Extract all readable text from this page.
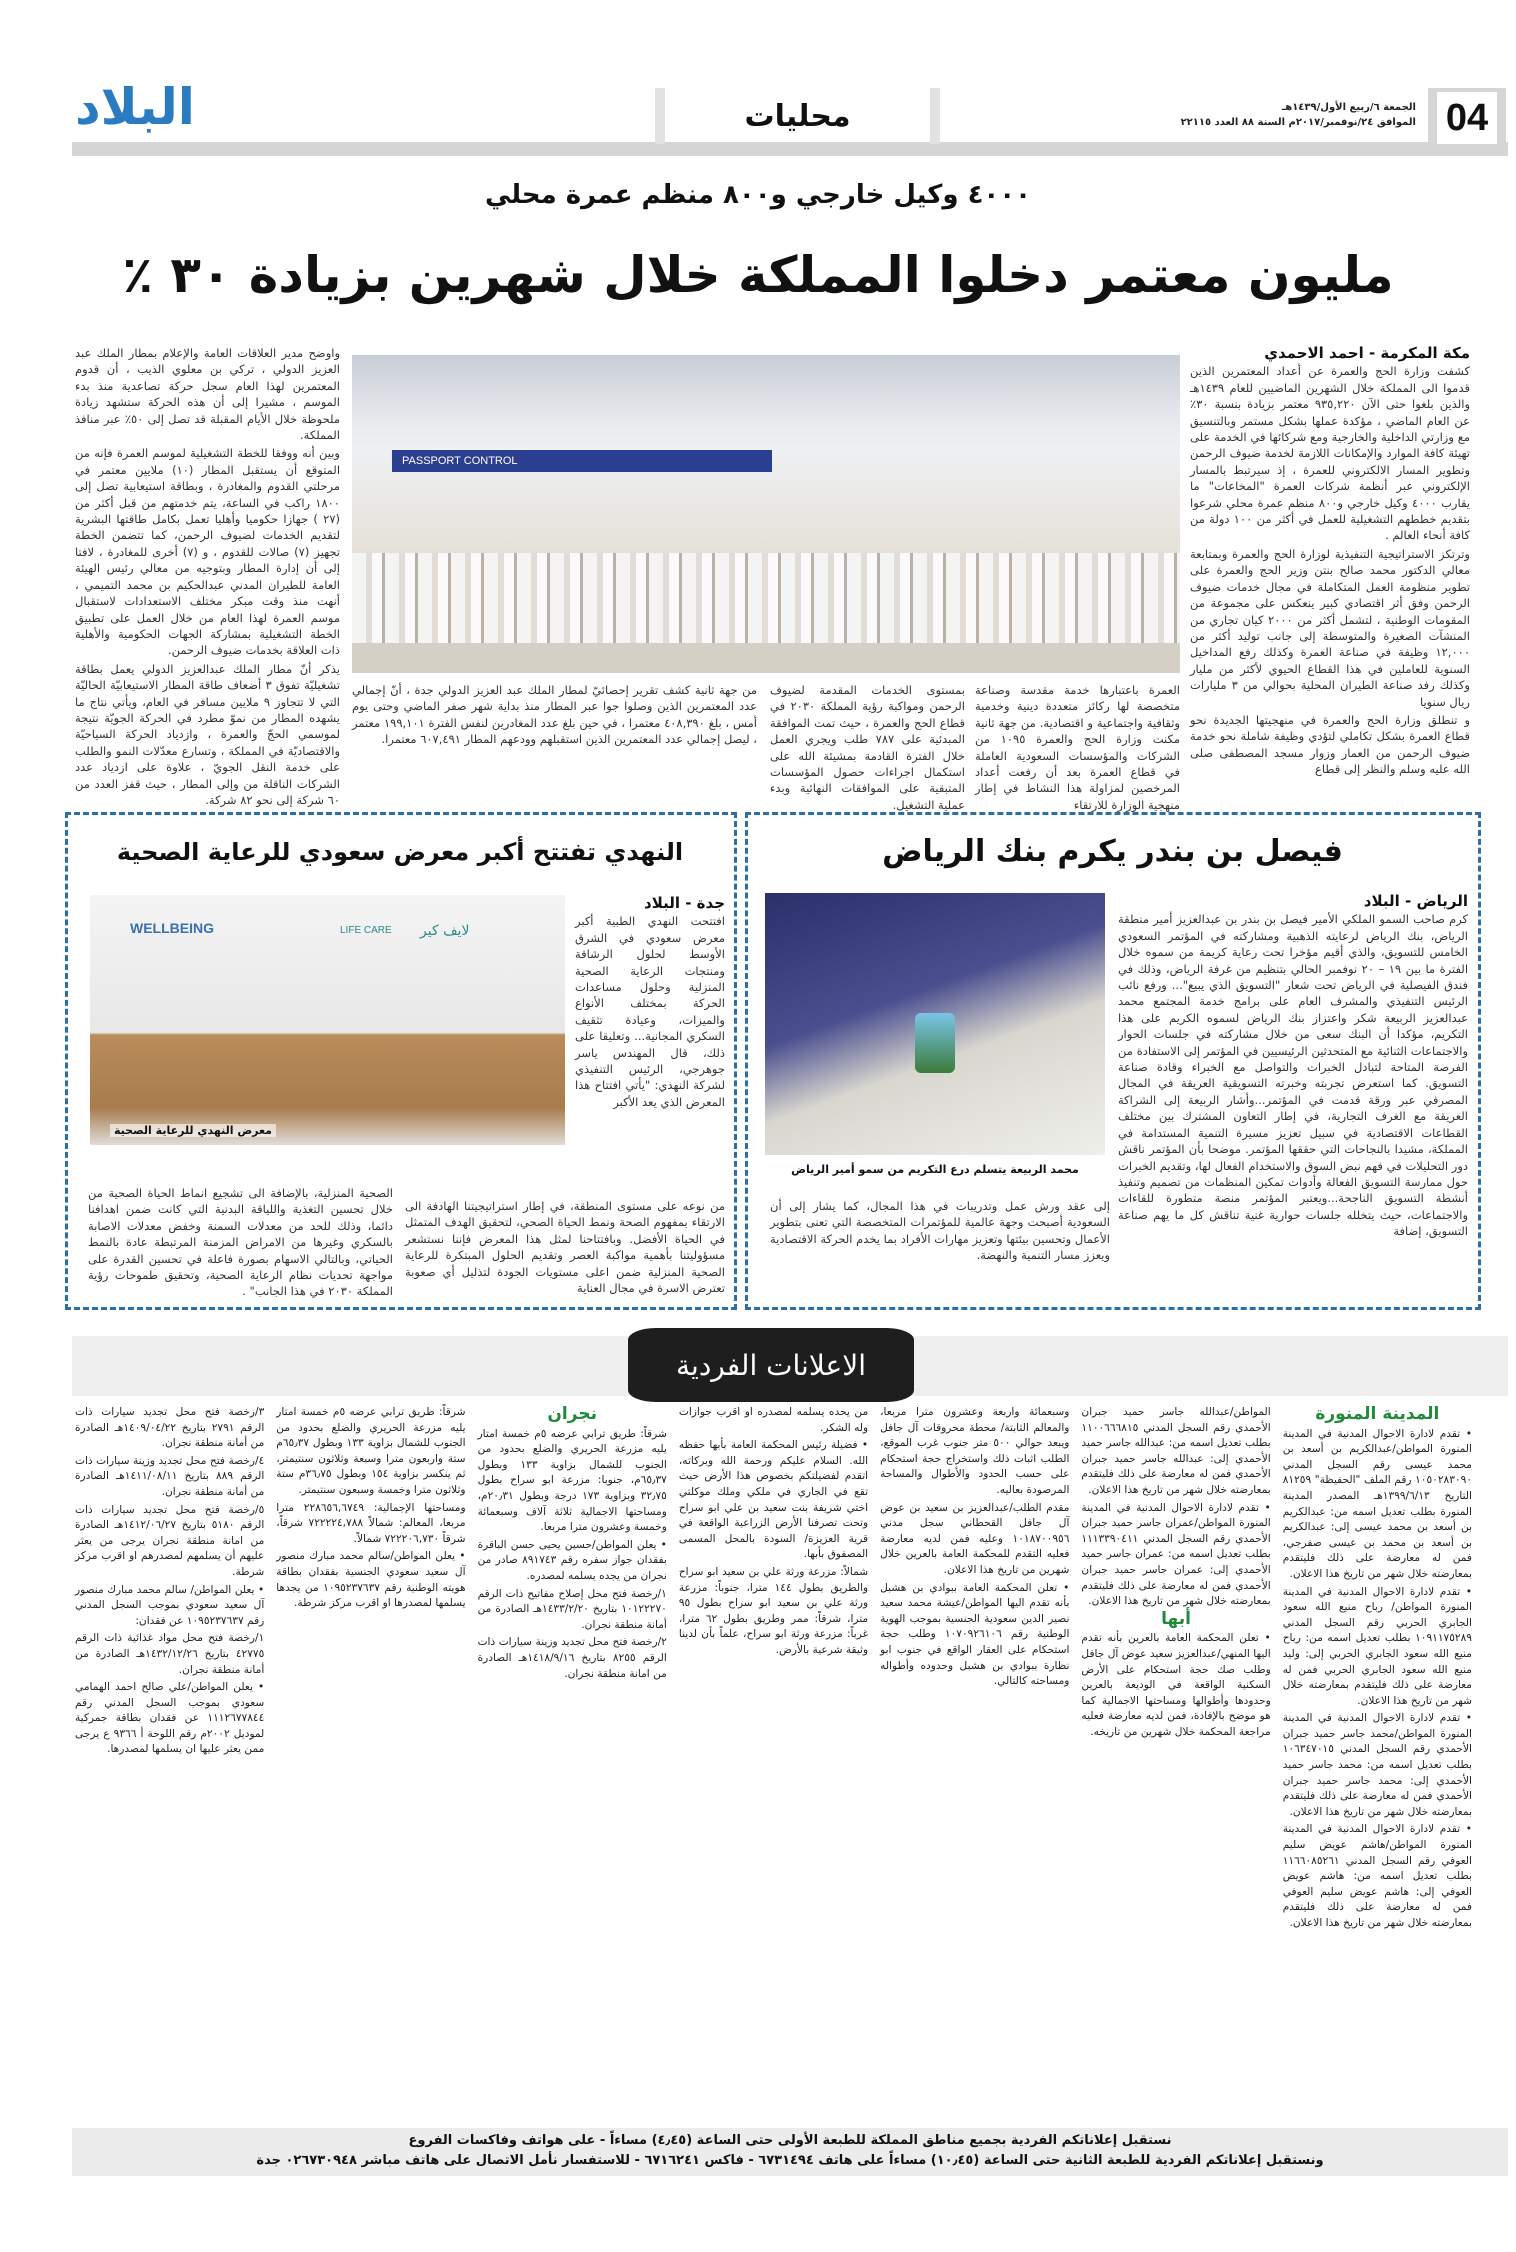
04
الجمعة ٦/ربيع الأول/١٤٣٩هـ
الموافق ٢٤/نوفمبر/٢٠١٧م السنة ٨٨ العدد ٢٢١١٥
محليات
البلاد
٤٠٠٠ وكيل خارجي و٨٠٠ منظم عمرة محلي
مليون معتمر دخلوا المملكة خلال شهرين بزيادة ٣٠ ٪
مكة المكرمة - احمد الاحمدي

كشفت وزارة الحج والعمرة عن أعداد المعتمرين الذين قدموا الى المملكة خلال الشهرين الماضيين للعام ١٤٣٩هـ والذين بلغوا حتى الآن ٩٣٥,٢٢٠ معتمر بزيادة بنسبة ٣٠٪ عن العام الماضي ، مؤكدة عملها بشكل مستمر وبالتنسيق مع وزارتي الداخلية والخارجية ومع شركائها في الخدمة على تهيئة كافة الموارد والإمكانات اللازمة لخدمة ضيوف الرحمن وتطوير المسار الالكتروني للعمرة ، إذ سيرتبط بالمسار الإلكتروني عبر أنظمة شركات العمرة "المخاعات" ما يقارب ٤٠٠٠ وكيل خارجي و٨٠٠ منظم عمرة محلي شرعوا بتقديم خططهم التشغيلية للعمل في أكثر من ١٠٠ دولة من كافة أنحاء العالم .

وترتكز الاستراتيجية التنفيذية لوزارة الحج والعمرة وبمتابعة معالي الدكتور محمد صالح بنتن وزير الحج والعمرة على تطوير منظومة العمل المتكاملة في مجال خدمات ضيوف الرحمن وفق أثر اقتصادي كبير ينعكس على مجموعة من المقومات الوطنية ، لتشمل أكثر من ٢٠٠٠ كيان تجاري من المنشآت الصغيرة والمتوسطة إلى جانب توليد أكثر من ١٢,٠٠٠ وظيفة في صناعة العمرة وكذلك رفع المداخيل السنوية للعاملين في هذا القطاع الحيوي لأكثر من مليار وكذلك رفد صناعة الطيران المحلية بحوالي من ٣ مليارات ريال سنويا

و تنطلق وزارة الحج والعمرة في منهجيتها الجديدة نحو قطاع العمرة بشكل تكاملي لتؤدي وظيفة شاملة نحو خدمة ضيوف الرحمن من العمار وزوار مسجد المصطفى صلى الله عليه وسلم والنظر إلى قطاع

PASSPORT CONTROL
العمرة باعتبارها خدمة مقدسة وصناعة متخصصة لها ركائز متعددة دينية وخدمية وثقافية واجتماعية و اقتصادية. من جهة ثانية مكنت وزارة الحج والعمرة ١٠٩٥ من الشركات والمؤسسات السعودية العاملة في قطاع العمرة بعد أن رفعت أعداد المرخصين لمزاولة هذا النشاط في إطار منهجية الوزارة للارتقاء
بمستوى الخدمات المقدمة لضيوف الرحمن ومواكبة رؤية المملكة ٢٠٣٠ في قطاع الحج والعمرة ، حيث تمت الموافقة المبدئية على ٧٨٧ طلب ويجري العمل خلال الفترة القادمة بمشيئة الله على استكمال اجراءات حصول المؤسسات المتبقية على الموافقات النهائية وبدء عملية التشغيل.
من جهة ثانية كشف تقرير إحصائيّ لمطار الملك عبد العزيز الدولي جدة ، أنّ إجمالي عدد المعتمرين الذين وصلوا جوا عبر المطار منذ بداية شهر صفر الماضي وحتى يوم أمس ، بلغ ٤٠٨,٣٩٠ معتمرا ، في حين بلغ عدد المغادرين لنفس الفترة ١٩٩,١٠١ معتمر ، ليصل إجمالي عدد المعتمرين الذين استقبلهم وودعهم المطار ٦٠٧,٤٩١ معتمرا.

واوضح مدير العلاقات العامة والإعلام بمطار الملك عبد العزيز الدولي ، تركي بن معلوي الذيب ، أن قدوم المعتمرين لهذا العام سجل حركة تصاعدية منذ بدء الموسم ، مشيرا إلى أن هذه الحركة ستشهد زيادة ملحوظة خلال الأيام المقبلة قد تصل إلى ٥٠٪ عبر منافذ المملكة.

وبين أنه ووفقا للخطة التشغيلية لموسم العمرة فإنه من المتوقع أن يستقبل المطار (١٠) ملايين معتمر في مرحلتي القدوم والمغادرة ، وبطاقة استيعابية تصل إلى ١٨٠٠ راكب في الساعة، يتم خدمتهم من قبل أكثر من (٢٧ ) جهازا حكوميا وأهليا تعمل بكامل طاقتها البشرية لتقديم الخدمات لضيوف الرحمن، كما تتضمن الخطة تجهيز (٧) صالات للقدوم ، و (٧) أخرى للمغادرة ، لافتا إلى أن إدارة المطار وبتوجيه من معالي رئيس الهيئة العامة للطيران المدني عبدالحكيم بن محمد التميمي ، أنهت منذ وقت مبكر مختلف الاستعدادات لاستقبال موسم العمرة لهذا العام من خلال العمل على تطبيق الخطة التشغيلية بمشاركة الجهات الحكومية والأهلية ذات العلاقة بخدمات ضيوف الرحمن.

يذكر أنّ مطار الملك عبدالعزيز الدولي يعمل بطاقة تشغيليّة تفوق ٣ أضعاف طاقة المطار الاستيعابيّة الحاليّة التي لا تتجاوز ٩ ملايين مسافر في العام، ويأتي نتاج ما يشهده المطار من نموّ مطرد في الحركة الجويّة نتيجة لموسمي الحجّ والعمرة ، وازدياد الحركة السياحيّة والاقتصاديّة في المملكة ، وتسارع معدّلات النمو والطلب على خدمة النقل الجويّ ، علاوة على ازدياد عدد الشركات الناقلة من وإلى المطار ، حيث قفز العدد من ٦٠ شركة إلى نحو ٨٢ شركة.

فيصل بن بندر يكرم بنك الرياض
محمد الربيعة يتسلم درع التكريم من سمو أمير الرياض
الرياض - البلاد

كرم صاحب السمو الملكي الأمير فيصل بن بندر بن عبدالعزيز أمير منطقة الرياض، بنك الرياض لرعايته الذهبية ومشاركته في المؤتمر السعودي الخامس للتسويق، والذي أقيم مؤخرا تحت رعاية كريمة من سموه خلال الفترة ما بين ١٩ – ٢٠ نوفمبر الحالي بتنظيم من غرفة الرياض، وذلك في فندق الفيصلية في الرياض تحت شعار "التسويق الذي يبيع"... ورفع نائب الرئيس التنفيذي والمشرف العام على برامج خدمة المجتمع محمد عبدالعزيز الربيعة شكر واعتزاز بنك الرياض لسموه الكريم على هذا التكريم، مؤكدا أن البنك سعى من خلال مشاركته في جلسات الحوار والاجتماعات الثنائية مع المتحدثين الرئيسيين في المؤتمر إلى الاستفادة من الفرصة المتاحة لتبادل الخبرات والتواصل مع الخبراء وقادة صناعة التسويق. كما استعرض تجربته وخبرته التسويقية العريقة في المجال المصرفي عبر ورقة قدمت في المؤتمر...وأشار الربيعة إلى الشراكة العريقة مع الغرف التجارية، في إطار التعاون المشترك بين مختلف القطاعات الاقتصادية في سبيل تعزيز مسيرة التنمية المستدامة في المملكة، مشيدا بالنجاحات التي حققها المؤتمر. موضحا بأن المؤتمر ناقش دور التحليلات في فهم نبض السوق والاستخدام الفعال لها، وتقديم الخبرات حول ممارسة التسويق الفعالة وأدوات تمكين المنظمات من تصميم وتنفيذ أنشطة التسويق الناجحة...ويعتبر المؤتمر منصة متطورة للقاءات والاجتماعات، حيث يتخلله جلسات حوارية غنية تناقش كل ما يهم صناعة التسويق، إضافة

إلى عقد ورش عمل وتدريبات في هذا المجال، كما يشار إلى أن السعودية أصبحت وجهة عالمية للمؤتمرات المتخصصة التي تعنى بتطوير الأعمال وتحسين بيئتها وتعزيز مهارات الأفراد بما يخدم الحركة الاقتصادية ويعزز مسار التنمية والنهضة.
النهدي تفتتح أكبر معرض سعودي للرعاية الصحية
WELLBEING	LIFE CARE لايف كير
معرض النهدي للرعاية الصحية
جدة - البلاد

افتتحت النهدي الطبية أكبر معرض سعودي في الشرق الأوسط لحلول الرشاقة ومنتجات الرعاية الصحية المنزلية وحلول مساعدات الحركة بمختلف الأنواع والميزات، وعيادة تثقيف السكري المجانية... وتعليقا على ذلك، قال المهندس ياسر جوهرجي، الرئيس التنفيذي لشركة النهدي: "يأتي افتتاح هذا المعرض الذي يعد الأكبر

من نوعه على مستوى المنطقة، في إطار استراتيجيتنا الهادفة الى الارتقاء بمفهوم الصحة ونمط الحياة الصحي، لتحقيق الهدف المتمثل في الحياة الأفضل. وبافتتاحنا لمثل هذا المعرض فإننا نستشعر مسؤوليتنا بأهمية مواكبة العصر وتقديم الحلول المبتكرة للرعاية الصحية المنزلية ضمن اعلى مستويات الجودة لتذليل أي صعوبة تعترض الاسرة في مجال العناية
الصحية المنزلية، بالإضافة الى تشجيع انماط الحياة الصحية من خلال تحسين التغذية واللياقة البدنية التي كانت ضمن اهدافنا دائما، وذلك للحد من معدلات السمنة وخفض معدلات الاصابة بالسكري وغيرها من الامراض المزمنة المرتبطة عادة بالنمط الحياتي، وبالتالي الاسهام بصورة فاعلة في تحسين القدرة على مواجهة تحديات نظام الرعاية الصحية، وتحقيق طموحات رؤية المملكة ٢٠٣٠ في هذا الجانب" .
الاعلانات الفردية
المدينة المنورة

• تقدم لادارة الاحوال المدنية في المدينة المنورة المواطن/عبدالكريم بن أسعد بن محمد عيسى رقم السجل المدني ١٠٥٠٢٨٣٠٩٠ رقم الملف "الحفيظة" ٨١٢٥٩ التاريخ ١٣٩٩/٦/١٣هـ المصدر المدينة المنورة بطلب تعديل اسمه من: عبدالكريم بن أسعد بن محمد عيسى إلى: عبدالكريم بن أسعد بن محمد بن عيسى صفرجي، فمن له معارضة على ذلك فليتقدم بمعارضته خلال شهر من تاريخ هذا الاعلان.

• تقدم لادارة الاحوال المدنية في المدينة المنورة المواطن/ رباح منيع الله سعود الجابري الحربي رقم السجل المدني ١٠٩١١٧٥٢٨٩ بطلب تعديل اسمه من: رباح منيع الله سعود الجابري الحربي إلى: وليد منيع الله سعود الجابري الحربي فمن له معارضة على ذلك فليتقدم بمعارضته خلال شهر من تاريخ هذا الاعلان.

• تقدم لادارة الاحوال المدنية في المدينة المنورة المواطن/محمد جاسر حميد جبران الأحمدي رقم السجل المدني ١٠٦٣٤٧٠١٥ بطلب تعديل اسمه من: محمد جاسر حميد الأحمدي إلى: محمد جاسر حميد جبران الأحمدي فمن له معارضة على ذلك فليتقدم بمعارضته خلال شهر من تاريخ هذا الاعلان.

• تقدم لادارة الاحوال المدنية في المدينة المنورة المواطن/هاشم عويض سليم العوفي رقم السجل المدني ١١٦٦٠٨٥٢٦١ بطلب تعديل اسمه من: هاشم عويض العوفي إلى: هاشم عويض سليم العوفي فمن له معارضة على ذلك فليتقدم بمعارضته خلال شهر من تاريخ هذا الاعلان.

المواطن/عبدالله جاسر حميد جبران الأحمدي رقم السجل المدني ١١٠٠٦٦٦٨١٥ بطلب تعديل اسمه من: عبدالله جاسر حميد الأحمدي إلى: عبدالله جاسر حميد جبران الأحمدي فمن له معارضة على ذلك فليتقدم بمعارضته خلال شهر من تاريخ هذا الاعلان.

• تقدم لادارة الاحوال المدنية في المدينة المنورة المواطن/عمران جاسر حميد جبران الأحمدي رقم السجل المدني ١١١٣٣٩٠٤١١ بطلب تعديل اسمه من: عمران جاسر حميد الأحمدي إلى: عمران جاسر حميد جبران الأحمدي فمن له معارضة على ذلك فليتقدم بمعارضته خلال شهر من تاريخ هذا الاعلان.

أبها

• تعلن المحكمة العامة بالعرين بأنه تقدم اليها المنهي/عبدالعزيز سعيد عوض آل جافل وطلب صك حجة استحكام على الأرض السكنية الواقعة في الوديعة بالعرين وحدودها وأطوالها ومساحتها الاجمالية كما هو موضح بالإفادة، فمن لديه معارضة فعليه مراجعة المحكمة خلال شهرين من تاريخه.

وسبعمائة واربعة وعشرون مترا مربعا، والمعالم الثابتة/ محطة محروقات آل جافل ويبعد حوالي ٥٠٠ متر جنوب غرب الموقع، الطلب اثبات ذلك واستخراج حجة استحكام على حسب الحدود والأطوال والمساحة المرصودة بعاليه.

مقدم الطلب/عبدالعزيز بن سعيد بن عوض آل جافل القحطاني سجل مدني ١٠١٨٧٠٠٩٥٦ وعليه فمن لديه معارضة فعليه التقدم للمحكمة العامة بالعرين خلال شهرين من تاريخ هذا الاعلان.

• تعلن المحكمة العامة ببوادي بن هشبل بأنه تقدم اليها المواطن/عيشة محمد سعيد نصير الدين سعودية الجنسية بموجب الهوية الوطنية رقم ١٠٧٠٩٢٦١٠٦ وطلب حجة استحكام على العقار الواقع في جنوب ابو نظارة ببوادي بن هشبل وحدوده وأطواله ومساحته كالتالي.

من يحده يسلمه لمصدره او اقرب جوازات وله الشكر.

• فضيلة رئيس المحكمة العامة بأبها حفظه الله. السلام عليكم ورحمة الله وبركاته، اتقدم لفضيلتكم بخصوص هذا الأرض حيث تقع في الجاري في ملكي وملك موكلتي اختي شريفة بنت سعيد بن علي ابو سراح وتحت تصرفنا الأرض الزراعية الواقعة في قرية العزيزة/ السودة بالمحل المسمى المصفوق بأبها.

شمالاً: مزرعة ورثة علي بن سعيد ابو سراح والطريق بطول ١٤٤ مترا، جنوباً: مزرعة ورثة علي بن سعيد ابو سراح بطول ٩٥ مترا، شرقاً: ممر وطريق بطول ٦٢ مترا، غرباً: مزرعة ورثة ابو سراح، علماً بأن لدينا وثيقة شرعية بالأرض.

نجران

شرقاً: طريق ترابي عرضه ٥م خمسة امتار يليه مزرعة الحريري والضلع بحدود من الجنوب للشمال بزاوية ١٣٣ وبطول ٦٥٫٣٧م، جنوبا: مزرعة ابو سراح بطول ٣٢٫٧٥ وبزاوية ١٧٣ درجة وبطول ٢٠٫٣١م، ومساحتها الاجمالية ثلاثة آلاف وسبعمائة وخمسة وعشرون مترا مربعا.

• يعلن المواطن/حسين يحيى حسن الباقرة بفقدان جواز سفره رقم ٨٩١٧٤٣ صادر من نجران من يجده يسلمه لمصدره.

١/رخصة فتح محل إصلاح مفاتيح ذات الرقم ١٠١٢٢٢٧٠ بتاريخ ١٤٣٣/٢/٢٠هـ الصادرة من أمانة منطقة نجران.

٢/رخصة فتح محل تجديد وزينة سيارات ذات الرقم ٨٢٥٥ بتاريخ ١٤١٨/٩/١٦هـ الصادرة من امانة منطقة نجران.

شرقاً: طريق ترابي عرضه ٥م خمسة امتار يليه مزرعة الحريري والضلع بحدود من الجنوب للشمال بزاوية ١٣٣ وبطول ٦٥٫٣٧م ستة واربعون مترا وسبعة وثلاثون سنتيمتر، ثم ينكسر بزاوية ١٥٤ وبطول ٣٦٫٧٥م ستة وثلاثون مترا وخمسة وسبعون سنتيمتر.

ومساحتها الإجمالية: ٢٢٨٦٥٦,٦٧٤٩ مترا مربعا، المعالم: شمالاً ٧٢٢٢٢٤,٧٨٨ شرقاً، شرقاً ٧٢٢٢٠٦,٧٣٠ شمالاً.

• يعلن المواطن/سالم محمد مبارك منصور آل سعيد سعودي الجنسية بفقدان بطاقة هويته الوطنية رقم ١٠٩٥٢٣٧٦٣٧ من يجدها يسلمها لمصدرها او اقرب مركز شرطة.

٣/رخصة فتح محل تجديد سيارات ذات الرقم ٢٧٩١ بتاريخ ١٤٠٩/٠٤/٢٢هـ الصادرة من أمانة منطقة نجران.

٤/رخصة فتح محل تجديد وزينة سيارات ذات الرقم ٨٨٩ بتاريخ ١٤١١/٠٨/١١هـ الصادرة من أمانة منطقة نجران.

٥/رخصة فتح محل تجديد سيارات ذات الرقم ٥١٨٠ بتاريخ ١٤١٢/٠٦/٢٧هـ الصادرة من امانة منطقة نجران يرجى من يعثر عليهم أن يسلمهم لمصدرهم او اقرب مركز شرطة.

• يعلن المواطن/ سالم محمد مبارك منصور آل سعيد سعودي بموجب السجل المدني رقم ١٠٩٥٢٣٧٦٣٧ عن فقدان:

١/رخصة فتح محل مواد غذائية ذات الرقم ٤٢٧٧٥ بتاريخ ١٤٣٢/١٢/٢٦هـ الصادرة من أمانة منطقة نجران.

• يعلن المواطن/علي صالح احمد الهمامي سعودي بموجب السجل المدني رقم ١١١٢٦٧٧٨٤٤ عن فقدان بطاقة جمركية لموديل ٢٠٠٢م رقم اللوحة أ ٩٣٦٦ ع يرجى ممن يعثر عليها ان يسلمها لمصدرها.

نستقبل إعلاناتكم الفردية بجميع مناطق المملكة للطبعة الأولى حتى الساعة (٤٫٤٥) مساءاً - على هواتف وفاكسات الفروع
ونستقبل إعلاناتكم الفردية للطبعة الثانية حتى الساعة (١٠٫٤٥) مساءاً على هاتف ٦٧٣١٤٩٤ - فاكس ٦٧١٦٢٤١ - للاستفسار نأمل الاتصال على هاتف مباشر ٠٢٦٧٣٠٩٤٨ جدة
